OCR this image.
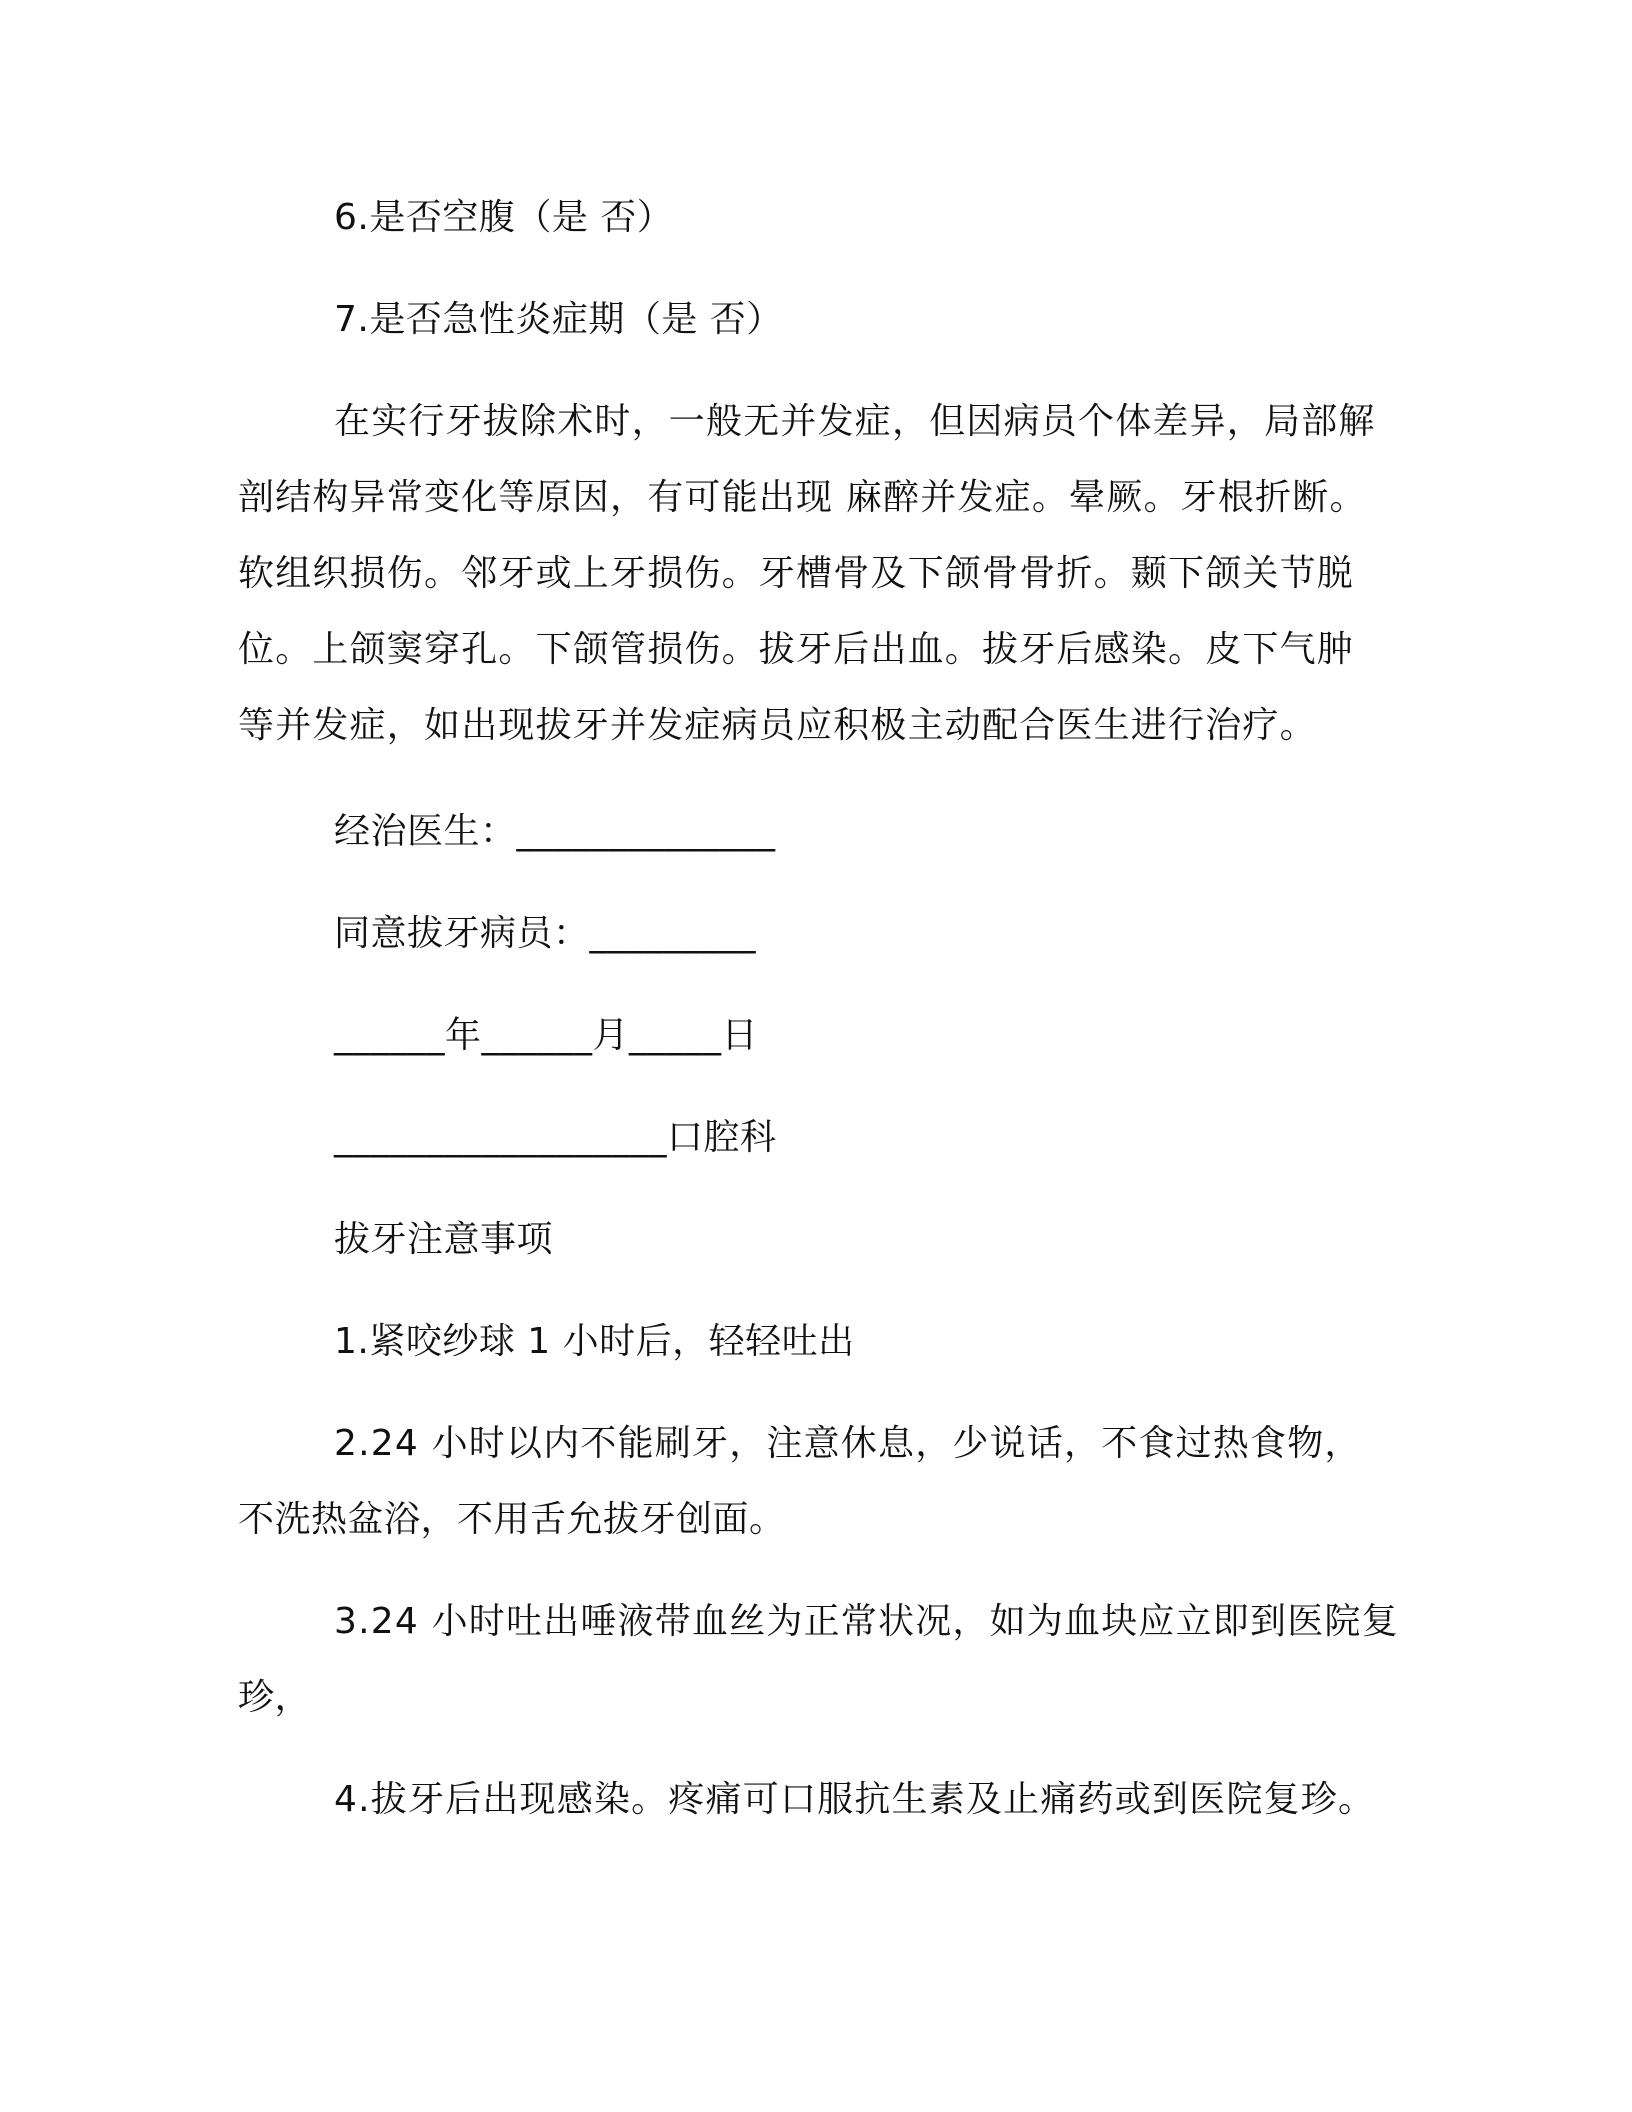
6.是否空腹（是 否）
7.是否急性炎症期（是 否）
在实行牙拔除术时，一般无并发症，但因病员个体差异，局部解
剖结构异常变化等原因，有可能出现 麻醉并发症。晕厥。牙根折断。
软组织损伤。邻牙或上牙损伤。牙槽骨及下颌骨骨折。颞下颌关节脱
位。上颌窦穿孔。下颌管损伤。拔牙后出血。拔牙后感染。皮下气肿
等并发症，如出现拔牙并发症病员应积极主动配合医生进行治疗。
经治医生：______________
同意拔牙病员：_________
______年______月_____日
__________________口腔科
拔牙注意事项
1.紧咬纱球 1 小时后，轻轻吐出
2.24 小时以内不能刷牙，注意休息，少说话，不食过热食物，
不洗热盆浴，不用舌允拔牙创面。
3.24 小时吐出唾液带血丝为正常状况，如为血块应立即到医院复
珍，
4.拔牙后出现感染。疼痛可口服抗生素及止痛药或到医院复珍。
